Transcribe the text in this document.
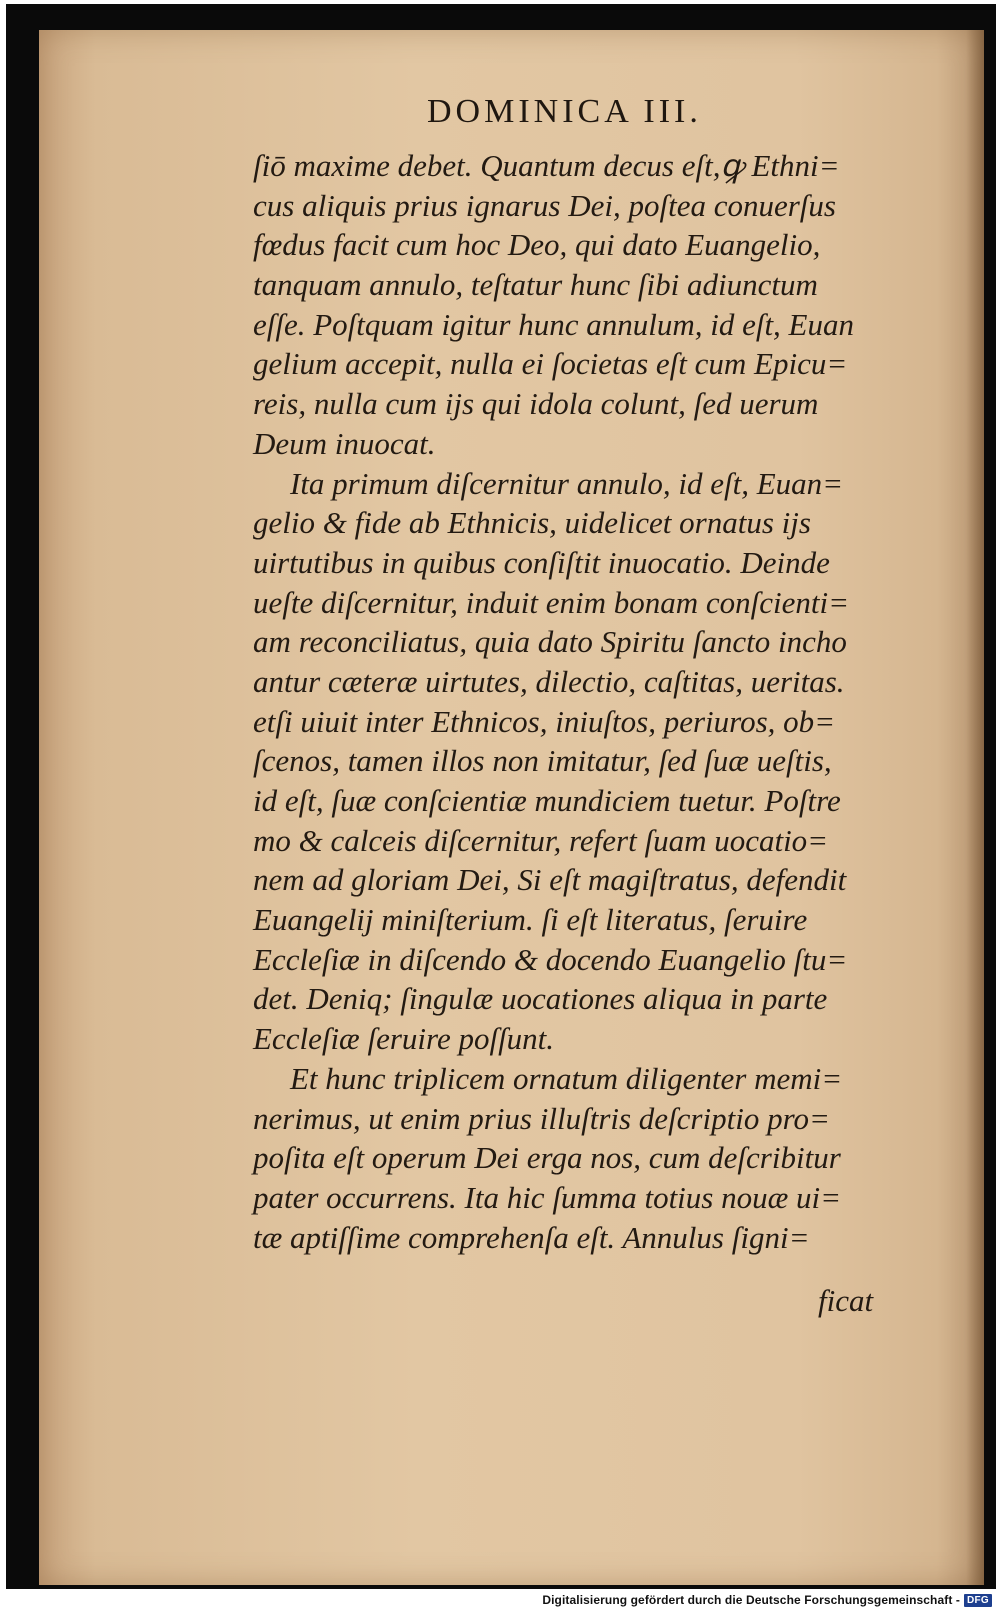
DOMINICA III.
ſiō maxime debet. Quantum decus eſt,ꝙ Ethni=
cus aliquis prius ignarus Dei, poſtea conuerſus
fœdus facit cum hoc Deo, qui dato Euangelio,
tanquam annulo, teſtatur hunc ſibi adiunctum
eſſe. Poſtquam igitur hunc annulum, id eſt, Euan
gelium accepit, nulla ei ſocietas eſt cum Epicu=
reis, nulla cum ijs qui idola colunt, ſed uerum
Deum inuocat.
Ita primum diſcernitur annulo, id eſt, Euan=
gelio & fide ab Ethnicis, uidelicet ornatus ijs
uirtutibus in quibus conſiſtit inuocatio. Deinde
ueſte diſcernitur, induit enim bonam conſcienti=
am reconciliatus, quia dato Spiritu ſancto incho
antur cæteræ uirtutes, dilectio, caſtitas, ueritas.
etſi uiuit inter Ethnicos, iniuſtos, periuros, ob=
ſcenos, tamen illos non imitatur, ſed ſuæ ueſtis,
id eſt, ſuæ conſcientiæ mundiciem tuetur. Poſtre
mo & calceis diſcernitur, refert ſuam uocatio=
nem ad gloriam Dei, Si eſt magiſtratus, defendit
Euangelij miniſterium. ſi eſt literatus, ſeruire
Eccleſiæ in diſcendo & docendo Euangelio ſtu=
det. Deniq; ſingulæ uocationes aliqua in parte
Eccleſiæ ſeruire poſſunt.
Et hunc triplicem ornatum diligenter memi=
nerimus, ut enim prius illuſtris deſcriptio pro=
poſita eſt operum Dei erga nos, cum deſcribitur
pater occurrens. Ita hic ſumma totius nouæ ui=
tæ aptiſſime comprehenſa eſt. Annulus ſigni=
ficat
Digitalisierung gefördert durch die Deutsche Forschungsgemeinschaft - DFG
